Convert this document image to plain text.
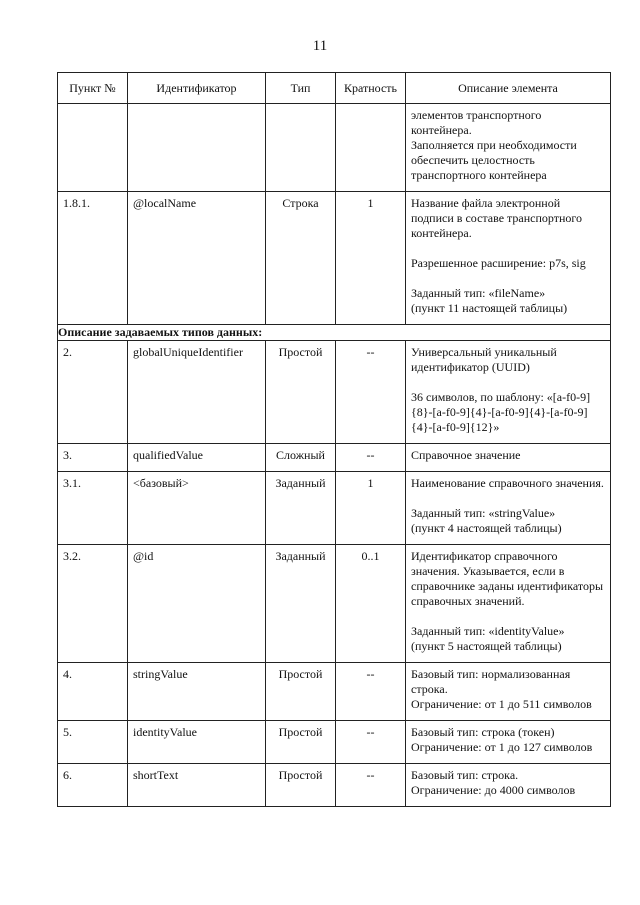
11
Пункт №	Идентификатор	Тип	Кратность	Описание элемента

				элементов транспортного контейнера.
Заполняется при необходимости обеспечить целостность транспортного контейнера

1.8.1.	@localName	Строка	1	Название файла электронной подписи в составе транспортного контейнера.

Разрешенное расширение: p7s, sig

Заданный тип: «fileName»
(пункт 11 настоящей таблицы)

Описание задаваемых типов данных:				

2.	globalUniqueIdentifier	Простой	--	Универсальный уникальный идентификатор (UUID)

36 символов, по шаблону: «[a-f0-9]{8}-[a-f0-9]{4}-[a-f0-9]{4}-[a-f0-9]{4}-[a-f0-9]{12}»

3.	qualifiedValue	Сложный	--	Справочное значение

3.1.	<базовый>	Заданный	1	Наименование справочного значения.

Заданный тип: «stringValue»
(пункт 4 настоящей таблицы)

3.2.	@id	Заданный	0..1	Идентификатор справочного значения. Указывается, если в справочнике заданы идентификаторы справочных значений.

Заданный тип: «identityValue»
(пункт 5 настоящей таблицы)

4.	stringValue	Простой	--	Базовый тип: нормализованная строка.
Ограничение: от 1 до 511 символов

5.	identityValue	Простой	--	Базовый тип: строка (токен)
Ограничение: от 1 до 127 символов

6.	shortText	Простой	--	Базовый тип: строка.
Ограничение: до 4000 символов
